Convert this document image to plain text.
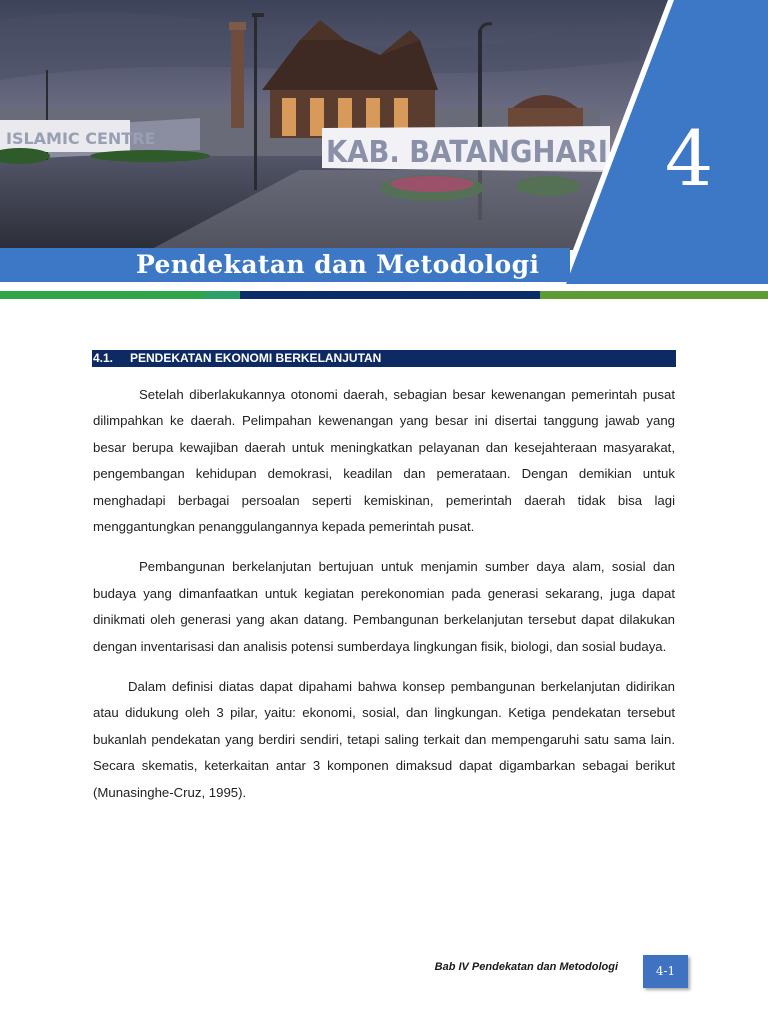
ISLAMIC CENTRE	KAB. BATANGHARI
Pendekatan dan Metodologi
4
4.1. PENDEKATAN EKONOMI BERKELANJUTAN

Setelah diberlakukannya otonomi daerah, sebagian besar kewenangan pemerintah pusat dilimpahkan ke daerah. Pelimpahan kewenangan yang besar ini disertai tanggung jawab yang besar berupa kewajiban daerah untuk meningkatkan pelayanan dan kesejahteraan masyarakat, pengembangan kehidupan demokrasi, keadilan dan pemerataan. Dengan demikian untuk menghadapi berbagai persoalan seperti kemiskinan, pemerintah daerah tidak bisa lagi menggantungkan penanggulangannya kepada pemerintah pusat.

Pembangunan berkelanjutan bertujuan untuk menjamin sumber daya alam, sosial dan budaya yang dimanfaatkan untuk kegiatan perekonomian pada generasi sekarang, juga dapat dinikmati oleh generasi yang akan datang. Pembangunan berkelanjutan tersebut dapat dilakukan dengan inventarisasi dan analisis potensi sumberdaya lingkungan fisik, biologi, dan sosial budaya.

Dalam definisi diatas dapat dipahami bahwa konsep pembangunan berkelanjutan didirikan atau didukung oleh 3 pilar, yaitu: ekonomi, sosial, dan lingkungan. Ketiga pendekatan tersebut bukanlah pendekatan yang berdiri sendiri, tetapi saling terkait dan mempengaruhi satu sama lain. Secara skematis, keterkaitan antar 3 komponen dimaksud dapat digambarkan sebagai berikut (Munasinghe-Cruz, 1995).

Bab IV Pendekatan dan Metodologi	4-1
